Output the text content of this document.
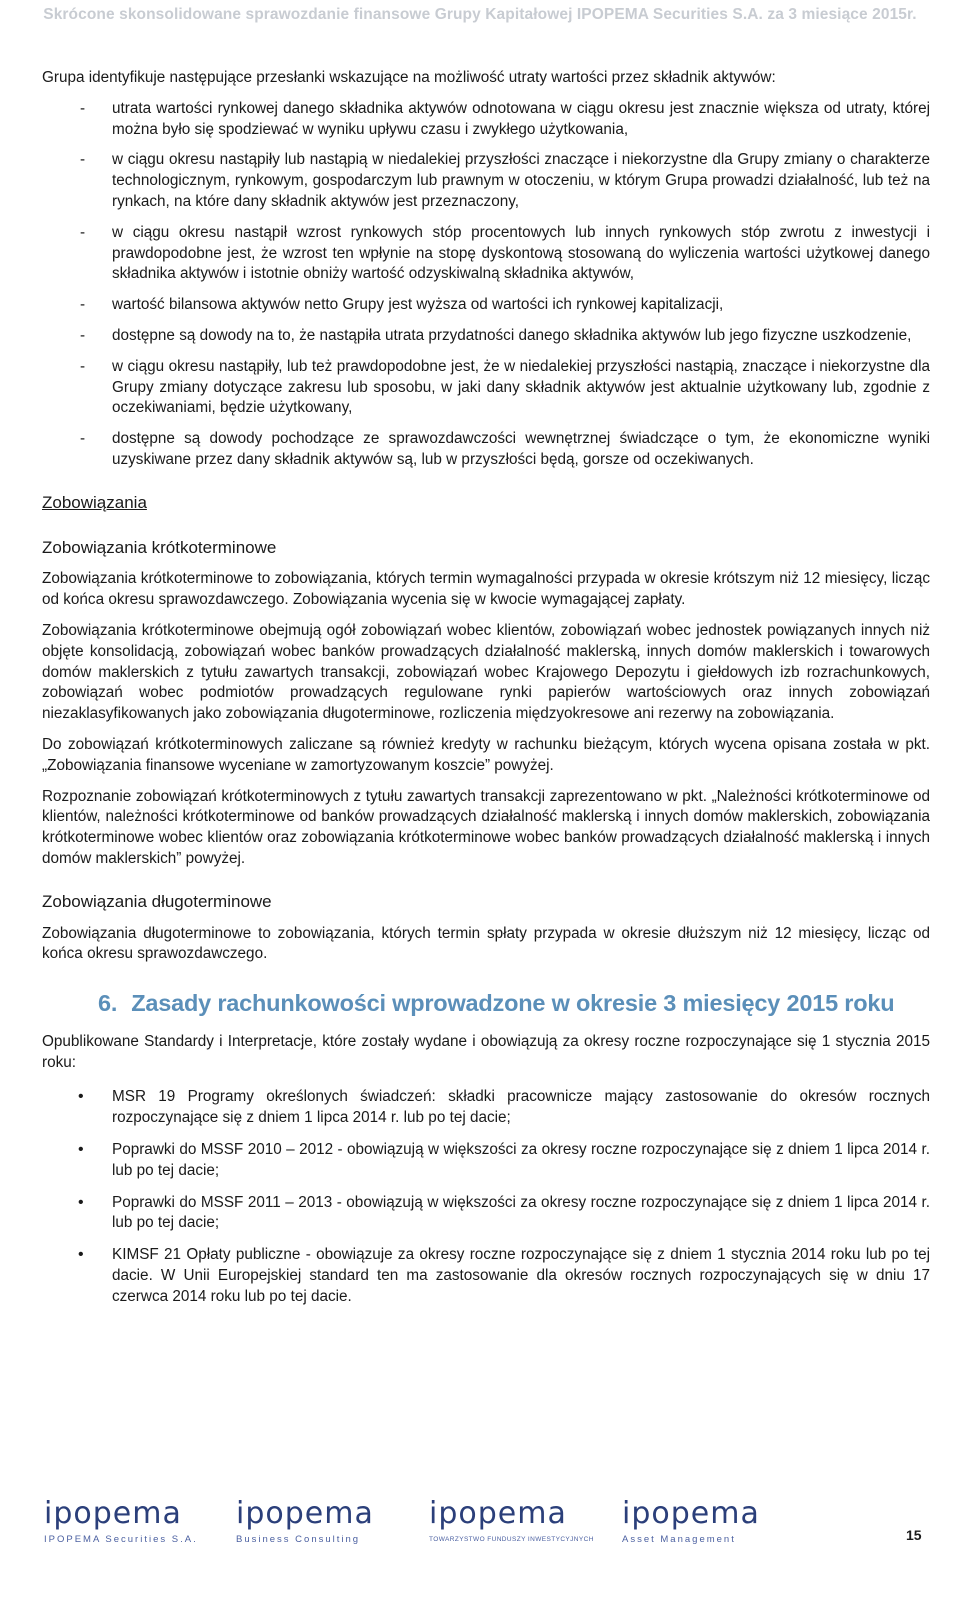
Skrócone skonsolidowane sprawozdanie finansowe Grupy Kapitałowej IPOPEMA Securities S.A. za 3 miesiące 2015r.

Grupa identyfikuje następujące przesłanki wskazujące na możliwość utraty wartości przez składnik aktywów:

- utrata wartości rynkowej danego składnika aktywów odnotowana w ciągu okresu jest znacznie większa od utraty, której można było się spodziewać w wyniku upływu czasu i zwykłego użytkowania,
- w ciągu okresu nastąpiły lub nastąpią w niedalekiej przyszłości znaczące i niekorzystne dla Grupy zmiany o charakterze technologicznym, rynkowym, gospodarczym lub prawnym w otoczeniu, w którym Grupa prowadzi działalność, lub też na rynkach, na które dany składnik aktywów jest przeznaczony,
- w ciągu okresu nastąpił wzrost rynkowych stóp procentowych lub innych rynkowych stóp zwrotu z inwestycji i prawdopodobne jest, że wzrost ten wpłynie na stopę dyskontową stosowaną do wyliczenia wartości użytkowej danego składnika aktywów i istotnie obniży wartość odzyskiwalną składnika aktywów,
- wartość bilansowa aktywów netto Grupy jest wyższa od wartości ich rynkowej kapitalizacji,
- dostępne są dowody na to, że nastąpiła utrata przydatności danego składnika aktywów lub jego fizyczne uszkodzenie,
- w ciągu okresu nastąpiły, lub też prawdopodobne jest, że w niedalekiej przyszłości nastąpią, znaczące i niekorzystne dla Grupy zmiany dotyczące zakresu lub sposobu, w jaki dany składnik aktywów jest aktualnie użytkowany lub, zgodnie z oczekiwaniami, będzie użytkowany,
- dostępne są dowody pochodzące ze sprawozdawczości wewnętrznej świadczące o tym, że ekonomiczne wyniki uzyskiwane przez dany składnik aktywów są, lub w przyszłości będą, gorsze od oczekiwanych.
Zobowiązania
Zobowiązania krótkoterminowe

Zobowiązania krótkoterminowe to zobowiązania, których termin wymagalności przypada w okresie krótszym niż 12 miesięcy, licząc od końca okresu sprawozdawczego. Zobowiązania wycenia się w kwocie wymagającej zapłaty.

Zobowiązania krótkoterminowe obejmują ogół zobowiązań wobec klientów, zobowiązań wobec jednostek powiązanych innych niż objęte konsolidacją, zobowiązań wobec banków prowadzących działalność maklerską, innych domów maklerskich i towarowych domów maklerskich z tytułu zawartych transakcji, zobowiązań wobec Krajowego Depozytu i giełdowych izb rozrachunkowych, zobowiązań wobec podmiotów prowadzących regulowane rynki papierów wartościowych oraz innych zobowiązań niezaklasyfikowanych jako zobowiązania długoterminowe, rozliczenia międzyokresowe ani rezerwy na zobowiązania.

Do zobowiązań krótkoterminowych zaliczane są również kredyty w rachunku bieżącym, których wycena opisana została w pkt. „Zobowiązania finansowe wyceniane w zamortyzowanym koszcie” powyżej.

Rozpoznanie zobowiązań krótkoterminowych z tytułu zawartych transakcji zaprezentowano w pkt. „Należności krótkoterminowe od klientów, należności krótkoterminowe od banków prowadzących działalność maklerską i innych domów maklerskich, zobowiązania krótkoterminowe wobec klientów oraz zobowiązania krótkoterminowe wobec banków prowadzących działalność maklerską i innych domów maklerskich” powyżej.

Zobowiązania długoterminowe

Zobowiązania długoterminowe to zobowiązania, których termin spłaty przypada w okresie dłuższym niż 12 miesięcy, licząc od końca okresu sprawozdawczego.

6. Zasady rachunkowości wprowadzone w okresie 3 miesięcy 2015 roku

Opublikowane Standardy i Interpretacje, które zostały wydane i obowiązują za okresy roczne rozpoczynające się 1 stycznia 2015 roku:

• MSR 19 Programy określonych świadczeń: składki pracownicze mający zastosowanie do okresów rocznych rozpoczynające się z dniem 1 lipca 2014 r. lub po tej dacie;
• Poprawki do MSSF 2010 – 2012 - obowiązują w większości za okresy roczne rozpoczynające się z dniem 1 lipca 2014 r. lub po tej dacie;
• Poprawki do MSSF 2011 – 2013 - obowiązują w większości za okresy roczne rozpoczynające się z dniem 1 lipca 2014 r. lub po tej dacie;
• KIMSF 21 Opłaty publiczne - obowiązuje za okresy roczne rozpoczynające się z dniem 1 stycznia 2014 roku lub po tej dacie. W Unii Europejskiej standard ten ma zastosowanie dla okresów rocznych rozpoczynających się w dniu 17 czerwca 2014 roku lub po tej dacie.
ipopema
IPOPEMA Securities S.A.
ipopema
Business Consulting
ipopema
TOWARZYSTWO FUNDUSZY INWESTYCYJNYCH
ipopema
Asset Management	15
